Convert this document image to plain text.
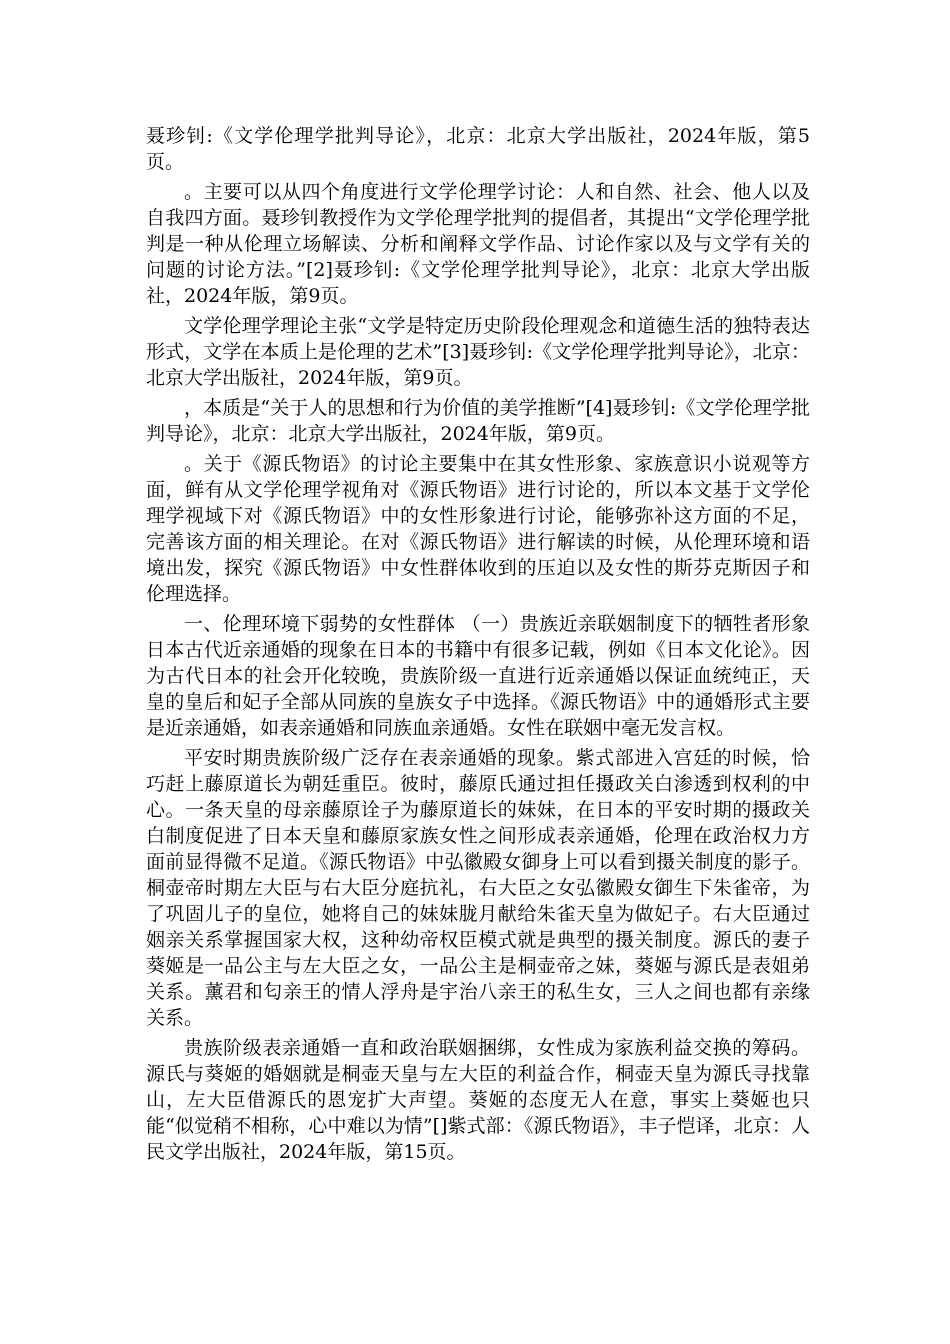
聂珍钊:《文学伦理学批判导论》，北京：北京大学出版社，2024年版，第5页。

。主要可以从四个角度进行文学伦理学讨论：人和自然、社会、他人以及自我四方面。聂珍钊教授作为文学伦理学批判的提倡者，其提出“文学伦理学批判是一种从伦理立场解读、分析和阐释文学作品、讨论作家以及与文学有关的问题的讨论方法。”[2]聂珍钊:《文学伦理学批判导论》，北京：北京大学出版社，2024年版，第9页。

文学伦理学理论主张“文学是特定历史阶段伦理观念和道德生活的独特表达形式，文学在本质上是伦理的艺术”[3]聂珍钊:《文学伦理学批判导论》，北京：北京大学出版社，2024年版，第9页。

，本质是“关于人的思想和行为价值的美学推断”[4]聂珍钊:《文学伦理学批判导论》，北京：北京大学出版社，2024年版，第9页。

。关于《源氏物语》的讨论主要集中在其女性形象、家族意识小说观等方面，鲜有从文学伦理学视角对《源氏物语》进行讨论的，所以本文基于文学伦理学视域下对《源氏物语》中的女性形象进行讨论，能够弥补这方面的不足，完善该方面的相关理论。在对《源氏物语》进行解读的时候，从伦理环境和语境出发，探究《源氏物语》中女性群体收到的压迫以及女性的斯芬克斯因子和伦理选择。

一、伦理环境下弱势的女性群体 （一）贵族近亲联姻制度下的牺牲者形象 日本古代近亲通婚的现象在日本的书籍中有很多记载，例如《日本文化论》。因为古代日本的社会开化较晚，贵族阶级一直进行近亲通婚以保证血统纯正，天皇的皇后和妃子全部从同族的皇族女子中选择。《源氏物语》中的通婚形式主要是近亲通婚，如表亲通婚和同族血亲通婚。女性在联姻中毫无发言权。

平安时期贵族阶级广泛存在表亲通婚的现象。紫式部进入宫廷的时候，恰巧赶上藤原道长为朝廷重臣。彼时，藤原氏通过担任摄政关白渗透到权利的中心。一条天皇的母亲藤原诠子为藤原道长的妹妹，在日本的平安时期的摄政关白制度促进了日本天皇和藤原家族女性之间形成表亲通婚，伦理在政治权力方面前显得微不足道。《源氏物语》中弘徽殿女御身上可以看到摄关制度的影子。桐壶帝时期左大臣与右大臣分庭抗礼，右大臣之女弘徽殿女御生下朱雀帝，为了巩固儿子的皇位，她将自己的妹妹胧月献给朱雀天皇为做妃子。右大臣通过姻亲关系掌握国家大权，这种幼帝权臣模式就是典型的摄关制度。源氏的妻子葵姬是一品公主与左大臣之女，一品公主是桐壶帝之妹，葵姬与源氏是表姐弟关系。薰君和匂亲王的情人浮舟是宇治八亲王的私生女，三人之间也都有亲缘关系。

贵族阶级表亲通婚一直和政治联姻捆绑，女性成为家族利益交换的筹码。源氏与葵姬的婚姻就是桐壶天皇与左大臣的利益合作，桐壶天皇为源氏寻找靠山，左大臣借源氏的恩宠扩大声望。葵姬的态度无人在意，事实上葵姬也只能“似觉稍不相称，心中难以为情”[]紫式部：《源氏物语》，丰子恺译，北京：人民文学出版社，2024年版，第15页。
